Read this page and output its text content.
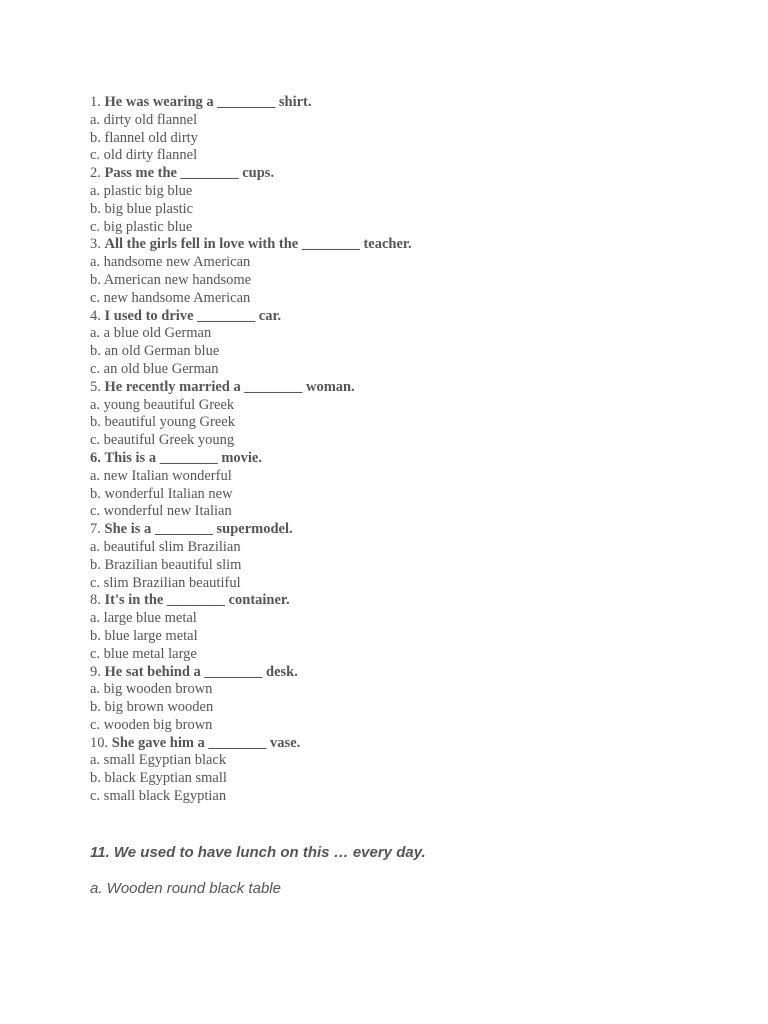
1. He was wearing a ________ shirt.
a. dirty old flannel
b. flannel old dirty
c. old dirty flannel
2. Pass me the ________ cups.
a. plastic big blue
b. big blue plastic
c. big plastic blue
3. All the girls fell in love with the ________ teacher.
a. handsome new American
b. American new handsome
c. new handsome American
4. I used to drive ________ car.
a. a blue old German
b. an old German blue
c. an old blue German
5. He recently married a ________ woman.
a. young beautiful Greek
b. beautiful young Greek
c. beautiful Greek young
6. This is a ________ movie.
a. new Italian wonderful
b. wonderful Italian new
c. wonderful new Italian
7. She is a ________ supermodel.
a. beautiful slim Brazilian
b. Brazilian beautiful slim
c. slim Brazilian beautiful
8. It's in the ________ container.
a. large blue metal
b. blue large metal
c. blue metal large
9. He sat behind a ________ desk.
a. big wooden brown
b. big brown wooden
c. wooden big brown
10. She gave him a ________ vase.
a. small Egyptian black
b. black Egyptian small
c. small black Egyptian
11. We used to have lunch on this … every day.
a. Wooden round black table
